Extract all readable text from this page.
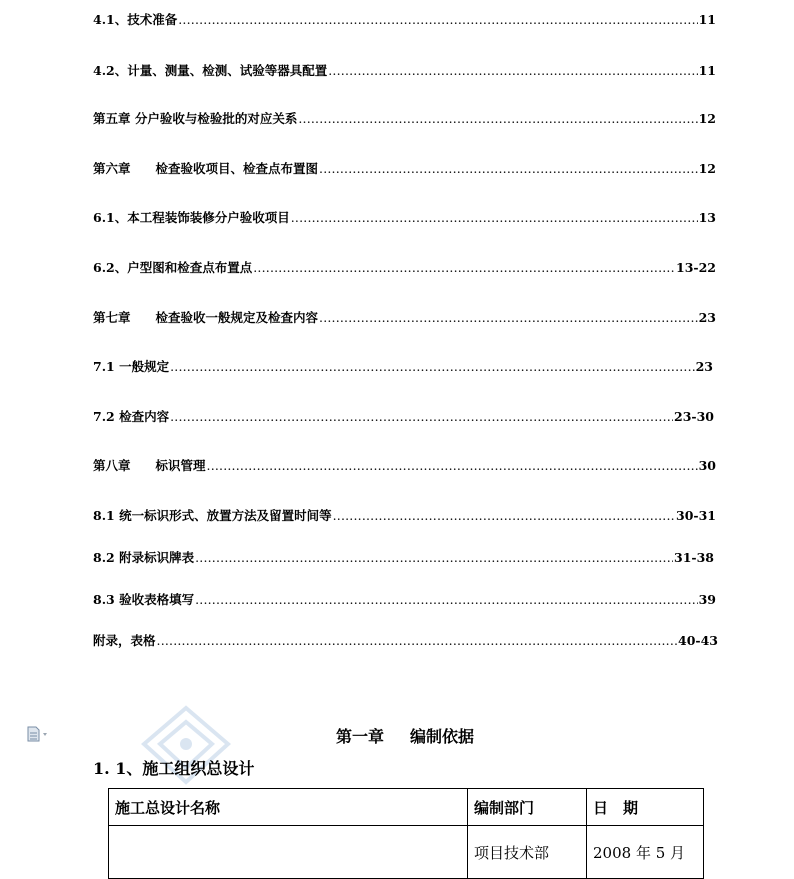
4.1、技术准备 .....	11
4.2、计量、测量、检测、试验等器具配置 .....	11
第五章 分户验收与检验批的对应关系 .....	12
第六章　　检查验收项目、检查点布置图 .....	12
6.1、本工程装饰装修分户验收项目 .....	13
6.2、户型图和检查点布置点 .....	13-22
第七章　　检查验收一般规定及检查内容 .....	23
7.1 一般规定 .....	23
7.2 检查内容 .....	23-30
第八章　　标识管理 .....	30
8.1 统一标识形式、放置方法及留置时间等 .....	30-31
8.2 附录标识牌表 .....	31-38
8.3 验收表格填写 .....	39
附录，表格 .....	40-43
第一章 编制依据
1. 1、施工组织总设计
施工总设计名称	编制部门	日　期
	项目技术部	2008 年 5 月
